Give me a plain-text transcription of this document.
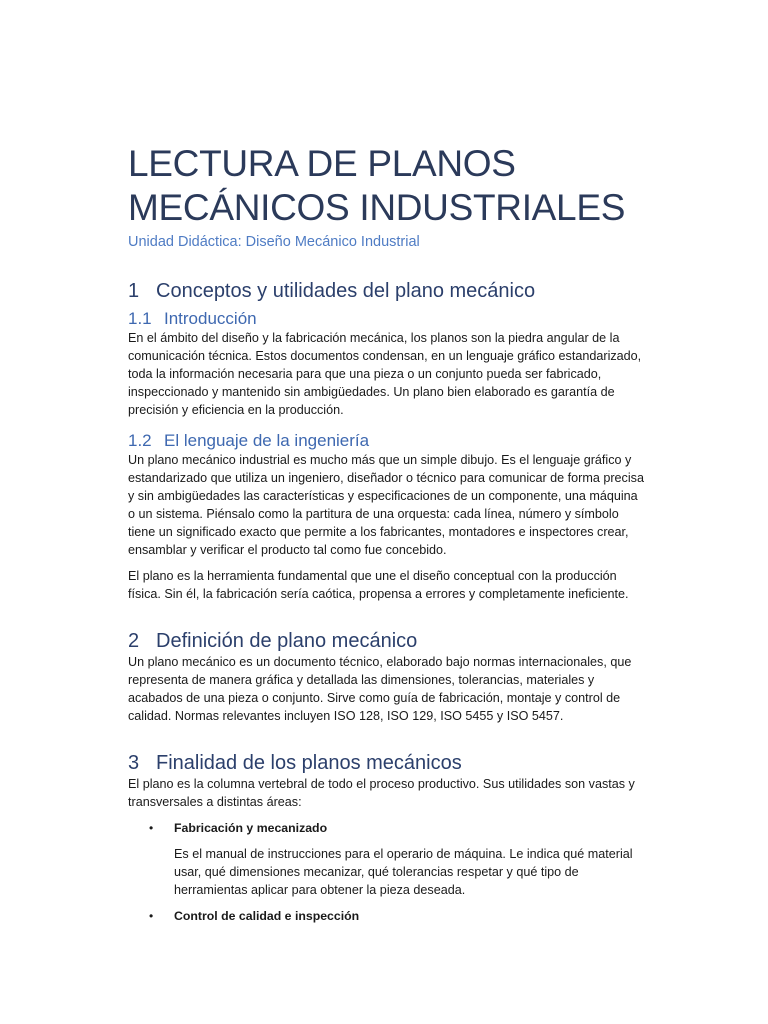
LECTURA DE PLANOS
MECÁNICOS INDUSTRIALES
Unidad Didáctica: Diseño Mecánico Industrial
1 Conceptos y utilidades del plano mecánico
1.1 Introducción

En el ámbito del diseño y la fabricación mecánica, los planos son la piedra angular de la comunicación técnica. Estos documentos condensan, en un lenguaje gráfico estandarizado, toda la información necesaria para que una pieza o un conjunto pueda ser fabricado, inspeccionado y mantenido sin ambigüedades. Un plano bien elaborado es garantía de precisión y eficiencia en la producción.

1.2 El lenguaje de la ingeniería

Un plano mecánico industrial es mucho más que un simple dibujo. Es el lenguaje gráfico y estandarizado que utiliza un ingeniero, diseñador o técnico para comunicar de forma precisa y sin ambigüedades las características y especificaciones de un componente, una máquina o un sistema. Piénsalo como la partitura de una orquesta: cada línea, número y símbolo tiene un significado exacto que permite a los fabricantes, montadores e inspectores crear, ensamblar y verificar el producto tal como fue concebido.

El plano es la herramienta fundamental que une el diseño conceptual con la producción física. Sin él, la fabricación sería caótica, propensa a errores y completamente ineficiente.

2 Definición de plano mecánico

Un plano mecánico es un documento técnico, elaborado bajo normas internacionales, que representa de manera gráfica y detallada las dimensiones, tolerancias, materiales y acabados de una pieza o conjunto. Sirve como guía de fabricación, montaje y control de calidad. Normas relevantes incluyen ISO 128, ISO 129, ISO 5455 y ISO 5457.

3 Finalidad de los planos mecánicos

El plano es la columna vertebral de todo el proceso productivo. Sus utilidades son vastas y transversales a distintas áreas:

• Fabricación y mecanizado
Es el manual de instrucciones para el operario de máquina. Le indica qué material usar, qué dimensiones mecanizar, qué tolerancias respetar y qué tipo de herramientas aplicar para obtener la pieza deseada.
• Control de calidad e inspección
